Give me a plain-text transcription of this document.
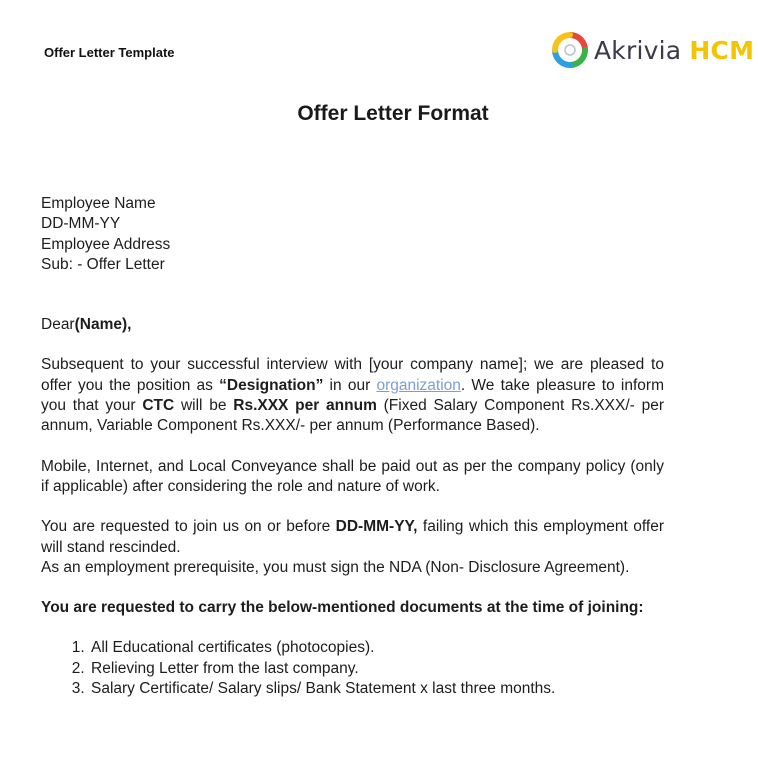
Offer Letter Template	Akrivia HCM
Offer Letter Format
Employee Name
DD-MM-YY
Employee Address
Sub: - Offer Letter

Dear(Name),

Subsequent to your successful interview with [your company name]; we are pleased to offer you the position as “Designation” in our organization. We take pleasure to inform you that your CTC will be Rs.XXX per annum (Fixed Salary Component Rs.XXX/- per annum, Variable Component Rs.XXX/- per annum (Performance Based).

Mobile, Internet, and Local Conveyance shall be paid out as per the company policy (only if applicable) after considering the role and nature of work.

You are requested to join us on or before DD-MM-YY, failing which this employment offer will stand rescinded.

As an employment prerequisite, you must sign the NDA (Non- Disclosure Agreement).

You are requested to carry the below-mentioned documents at the time of joining:

1. All Educational certificates (photocopies).
2. Relieving Letter from the last company.
3. Salary Certificate/ Salary slips/ Bank Statement x last three months.
